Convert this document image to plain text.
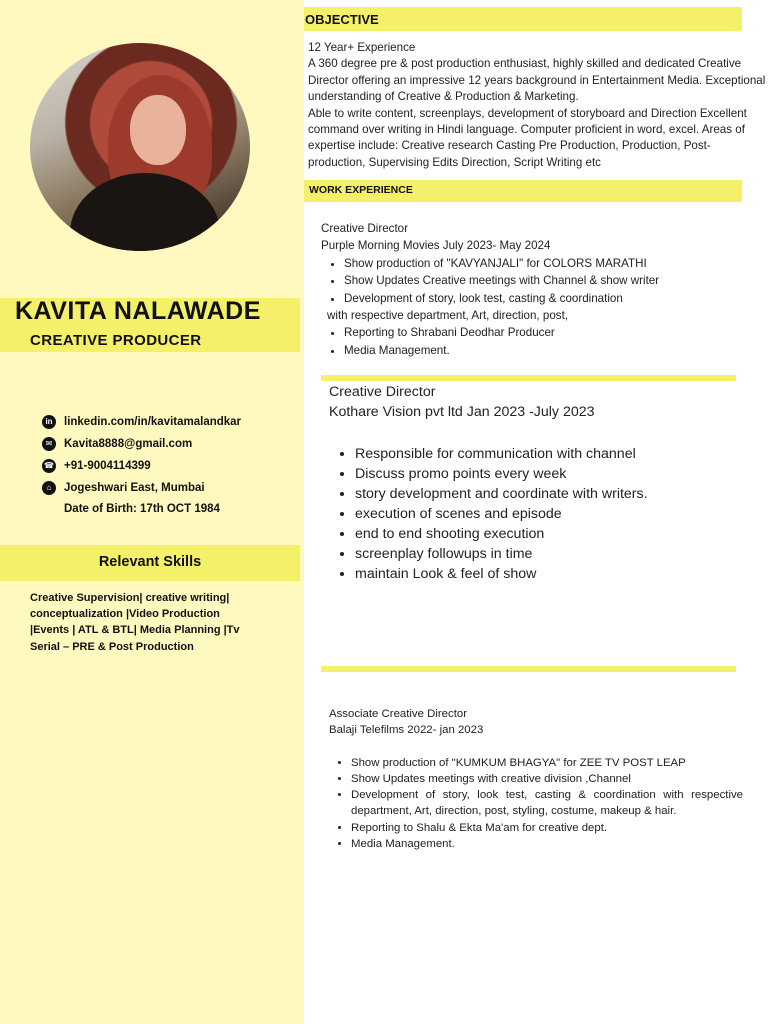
KAVITA NALAWADE
CREATIVE PRODUCER
in linkedin.com/in/kavitamalandkar
✉	Kavita8888@gmail.com
☎ +91-9004114399
⌂	Jogeshwari East, Mumbai
Date of Birth: 17th OCT 1984
Relevant Skills
Creative Supervision| creative writing| conceptualization |Video Production |Events | ATL & BTL| Media Planning |Tv Serial – PRE & Post Production
OBJECTIVE

12 Year+ Experience

A 360 degree pre & post production enthusiast, highly skilled and dedicated Creative Director offering an impressive 12 years background in Entertainment Media. Exceptional understanding of Creative & Production & Marketing.

Able to write content, screenplays, development of storyboard and Direction Excellent command over writing in Hindi language. Computer proficient in word, excel. Areas of expertise include: Creative research Casting Pre Production, Production, Post-production, Supervising Edits Direction, Script Writing etc

WORK EXPERIENCE

Creative Director

Purple Morning Movies July 2023- May 2024

• Show production of "KAVYANJALI" for COLORS MARATHI
• Show Updates Creative meetings with Channel & show writer
• Development of story, look test, casting & coordination

with respective department, Art, direction, post,

• Reporting to Shrabani Deodhar Producer
• Media Management.

Creative Director

Kothare Vision pvt ltd Jan 2023 -July 2023

• Responsible for communication with channel
• Discuss promo points every week
• story development and coordinate with writers.
• execution of scenes and episode
• end to end shooting execution
• screenplay followups in time
• maintain Look & feel of show

Associate Creative Director

Balaji Telefilms 2022- jan 2023

• Show production of "KUMKUM BHAGYA" for ZEE TV POST LEAP
• Show Updates meetings with creative division ,Channel
• Development of story, look test, casting & coordination with respective department, Art, direction, post, styling, costume, makeup & hair.
• Reporting to Shalu & Ekta Ma'am for creative dept.
• Media Management.
